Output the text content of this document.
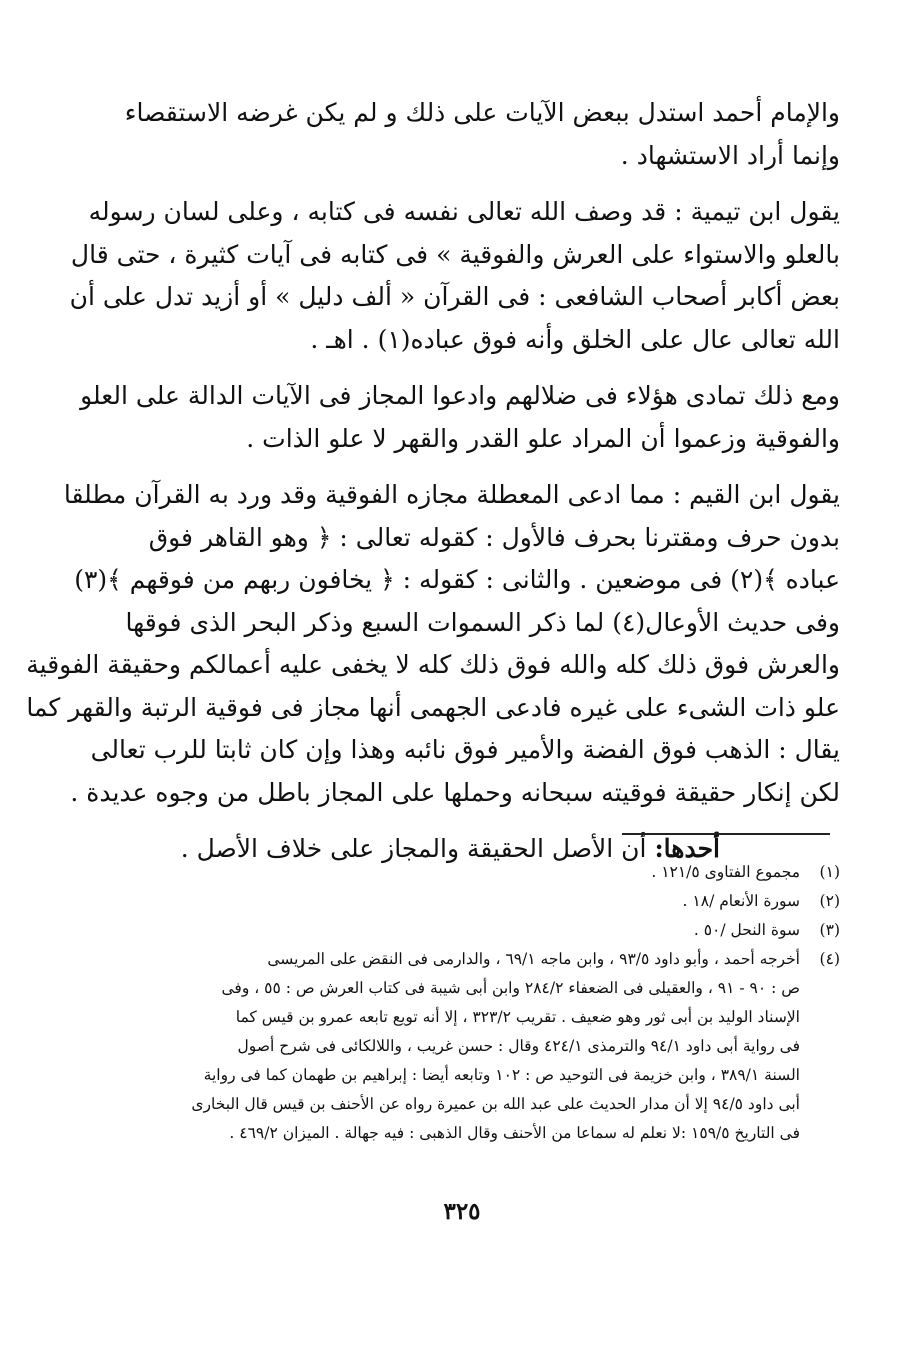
والإمام أحمد استدل ببعض الآيات على ذلك و لم يكن غرضه الاستقصاء
وإنما أراد الاستشهاد .

يقول ابن تيمية : قد وصف الله تعالى نفسه فى كتابه ، وعلى لسان رسوله
بالعلو والاستواء على العرش والفوقية » فى كتابه فى آيات كثيرة ، حتى قال
بعض أكابر أصحاب الشافعى : فى القرآن « ألف دليل » أو أزيد تدل على أن
الله تعالى عال على الخلق وأنه فوق عباده(١) . اهـ .

ومع ذلك تمادى هؤلاء فى ضلالهم وادعوا المجاز فى الآيات الدالة على العلو
والفوقية وزعموا أن المراد علو القدر والقهر لا علو الذات .

يقول ابن القيم : مما ادعى المعطلة مجازه الفوقية وقد ورد به القرآن مطلقا
بدون حرف ومقترنا بحرف فالأول : كقوله تعالى : ﴿ وهو القاهر فوق
عباده ﴾(٢) فى موضعين . والثانى : كقوله : ﴿ يخافون ربهم من فوقهم ﴾(٣)
وفى حديث الأوعال(٤) لما ذكر السموات السبع وذكر البحر الذى فوقها
والعرش فوق ذلك كله والله فوق ذلك كله لا يخفى عليه أعمالكم وحقيقة الفوقية
علو ذات الشىء على غيره فادعى الجهمى أنها مجاز فى فوقية الرتبة والقهر كما
يقال : الذهب فوق الفضة والأمير فوق نائبه وهذا وإن كان ثابتا للرب تعالى
لكن إنكار حقيقة فوقيته سبحانه وحملها على المجاز باطل من وجوه عديدة .

أحدها: أن الأصل الحقيقة والمجاز على خلاف الأصل .
(١)
مجموع الفتاوى ١٢١/٥ .
(٢)
سورة الأنعام /١٨ .
(٣)
سوة النحل /٥٠ .
(٤)
أخرجه أحمد ، وأبو داود ٩٣/٥ ، وابن ماجه ٦٩/١ ، والدارمى فى النقض على المريسى
ص : ٩٠ - ٩١ ، والعقيلى فى الضعفاء ٢٨٤/٢ وابن أبى شيبة فى كتاب العرش ص : ٥٥ ، وفى
الإسناد الوليد بن أبى ثور وهو ضعيف . تقريب ٣٢٣/٢ ، إلا أنه تويع تابعه عمرو بن قيس كما
فى رواية أبى داود ٩٤/١ والترمذى ٤٢٤/١ وقال : حسن غريب ، واللالكائى فى شرح أصول
السنة ٣٨٩/١ ، وابن خزيمة فى التوحيد ص : ١٠٢ وتابعه أيضا : إبراهيم بن طهمان كما فى رواية
أبى داود ٩٤/٥ إلا أن مدار الحديث على عبد الله بن عميرة رواه عن الأحنف بن قيس قال البخارى
فى التاريخ ١٥٩/٥ :لا نعلم له سماعا من الأحنف وقال الذهبى : فيه جهالة . الميزان ٤٦٩/٢ .
٣٢٥
